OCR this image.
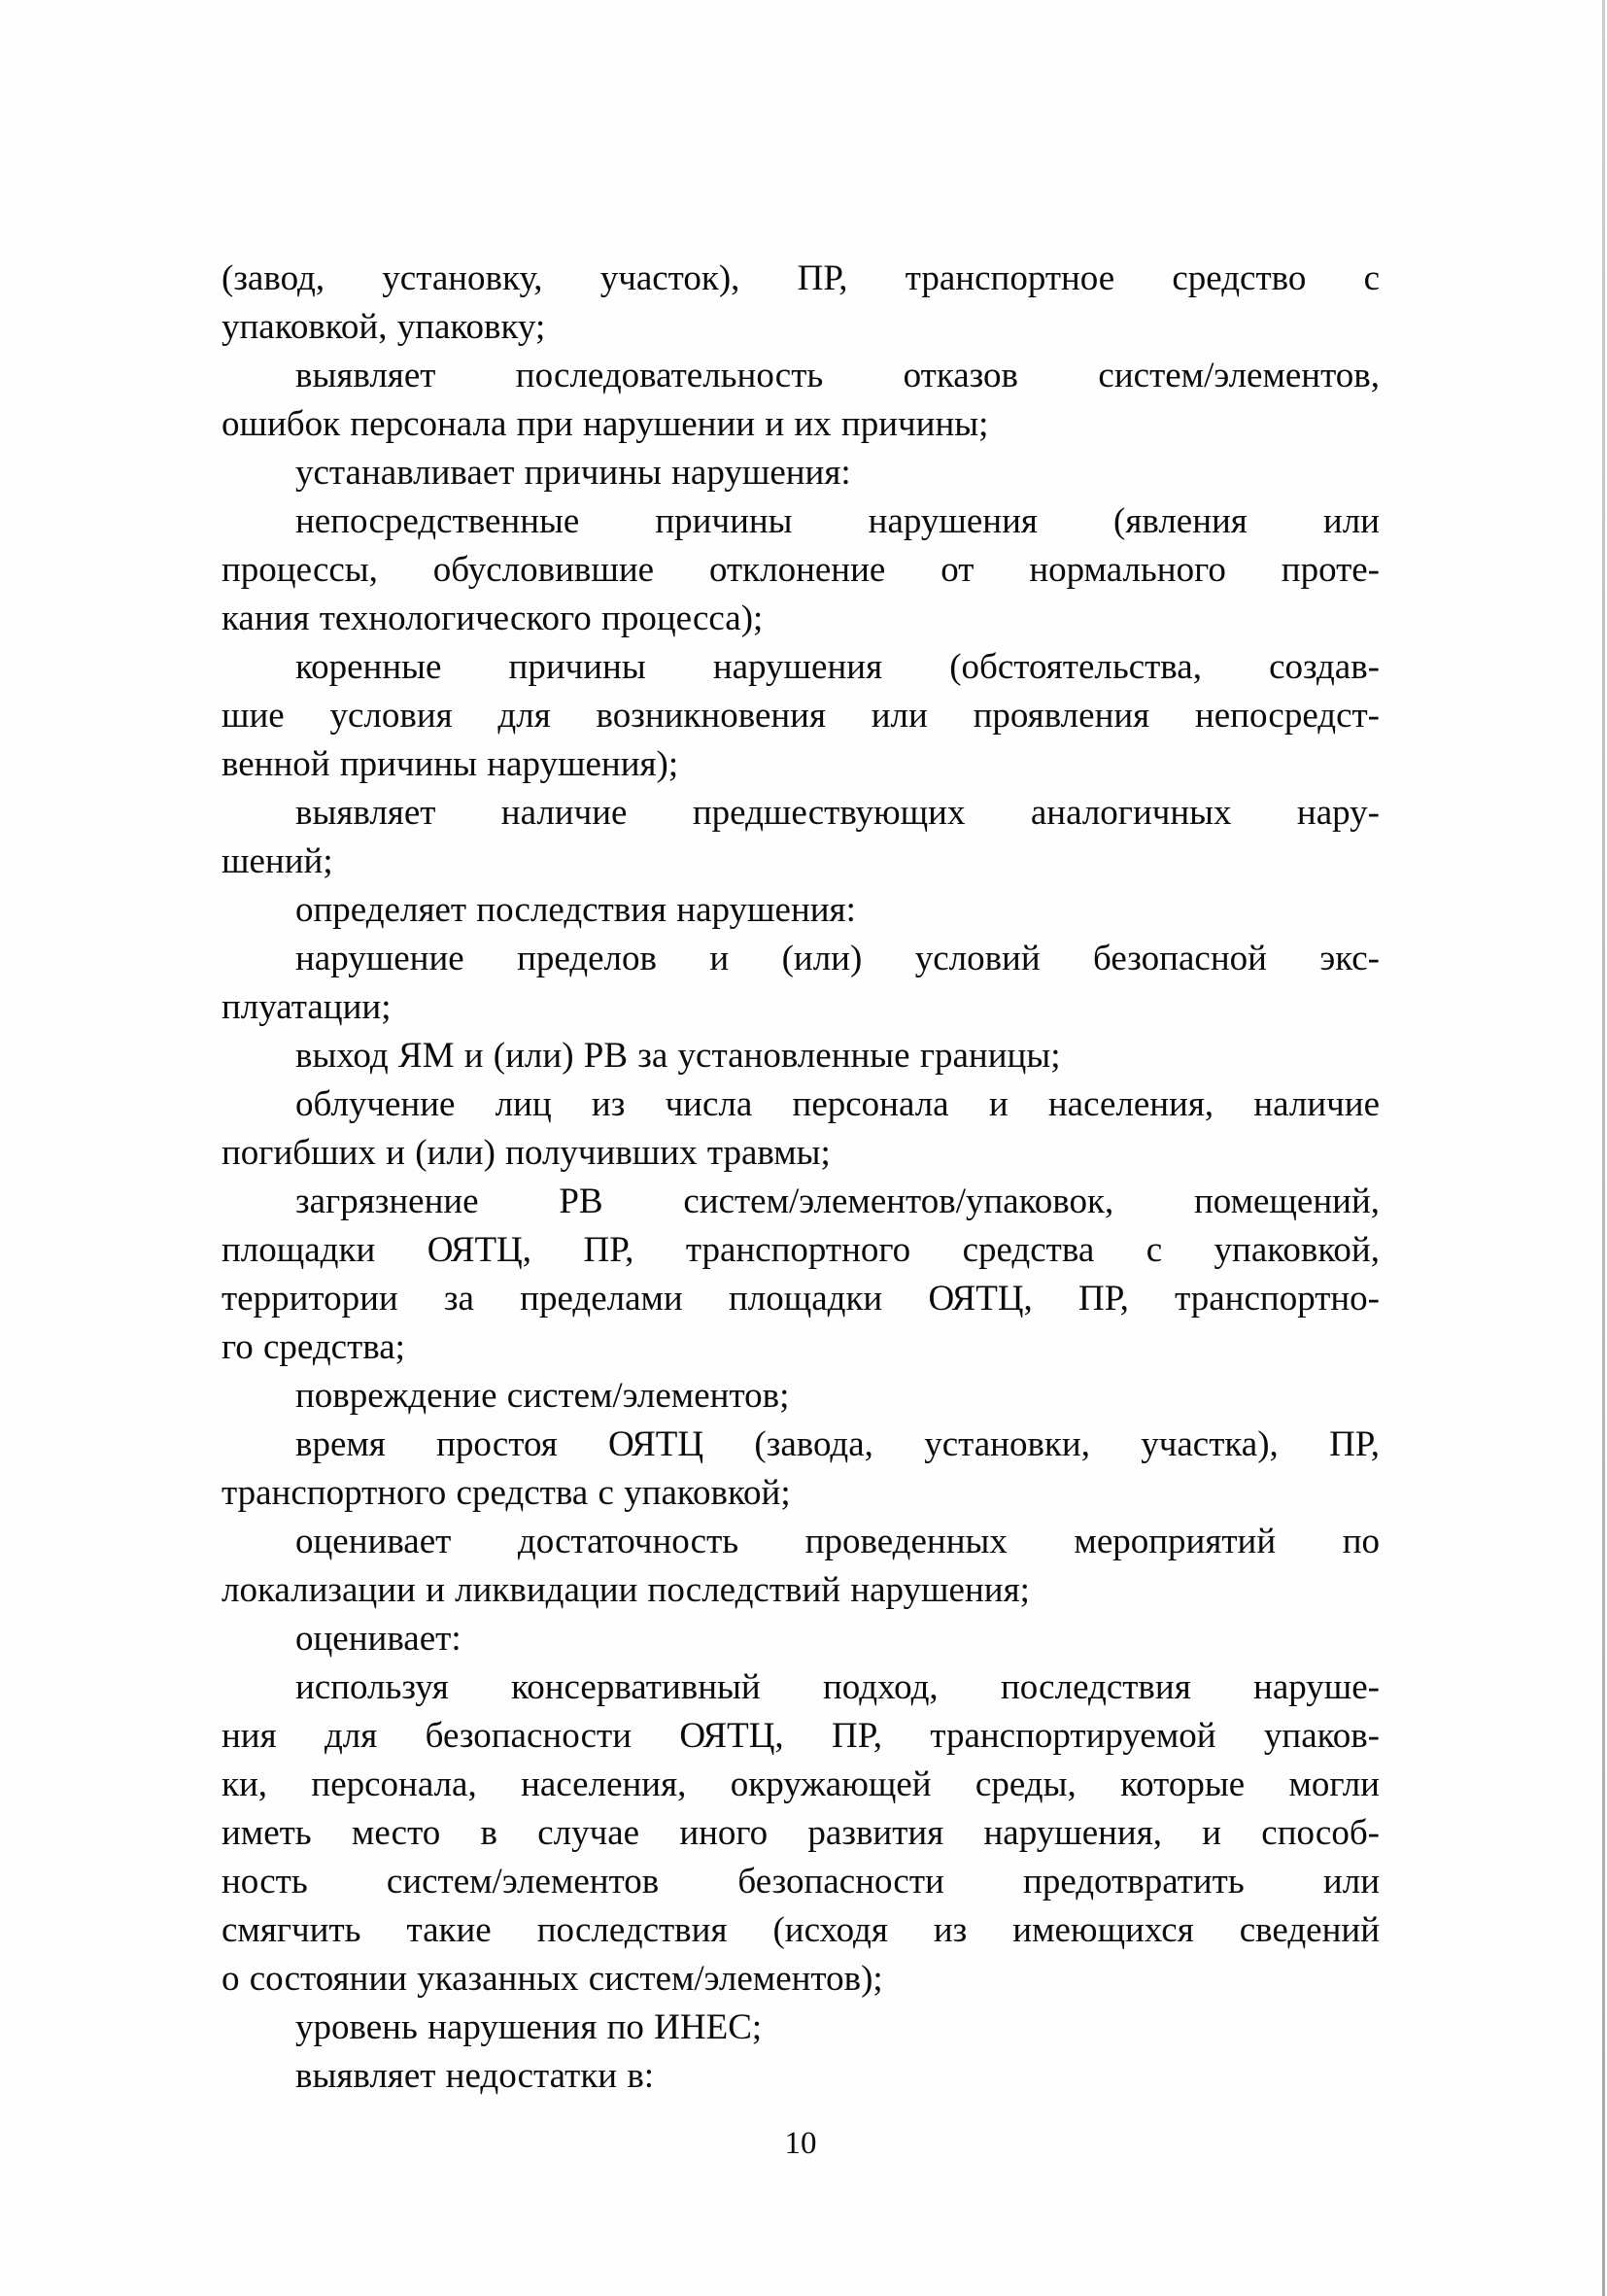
(завод, установку, участок), ПР, транспортное средство с
упаковкой, упаковку;
выявляет последовательность отказов систем/элементов,
ошибок персонала при нарушении и их причины;
устанавливает причины нарушения:
непосредственные причины нарушения (явления или
процессы, обусловившие отклонение от нормального проте-
кания технологического процесса);
коренные причины нарушения (обстоятельства, создав-
шие условия для возникновения или проявления непосредст-
венной причины нарушения);
выявляет наличие предшествующих аналогичных нару-
шений;
определяет последствия нарушения:
нарушение пределов и (или) условий безопасной экс-
плуатации;
выход ЯМ и (или) РВ за установленные границы;
облучение лиц из числа персонала и населения, наличие
погибших и (или) получивших травмы;
загрязнение РВ систем/элементов/упаковок, помещений,
площадки ОЯТЦ, ПР, транспортного средства с упаковкой,
территории за пределами площадки ОЯТЦ, ПР, транспортно-
го средства;
повреждение систем/элементов;
время простоя ОЯТЦ (завода, установки, участка), ПР,
транспортного средства с упаковкой;
оценивает достаточность проведенных мероприятий по
локализации и ликвидации последствий нарушения;
оценивает:
используя консервативный подход, последствия наруше-
ния для безопасности ОЯТЦ, ПР, транспортируемой упаков-
ки, персонала, населения, окружающей среды, которые могли
иметь место в случае иного развития нарушения, и способ-
ность систем/элементов безопасности предотвратить или
смягчить такие последствия (исходя из имеющихся сведений
о состоянии указанных систем/элементов);
уровень нарушения по ИНЕС;
выявляет недостатки в:
10
